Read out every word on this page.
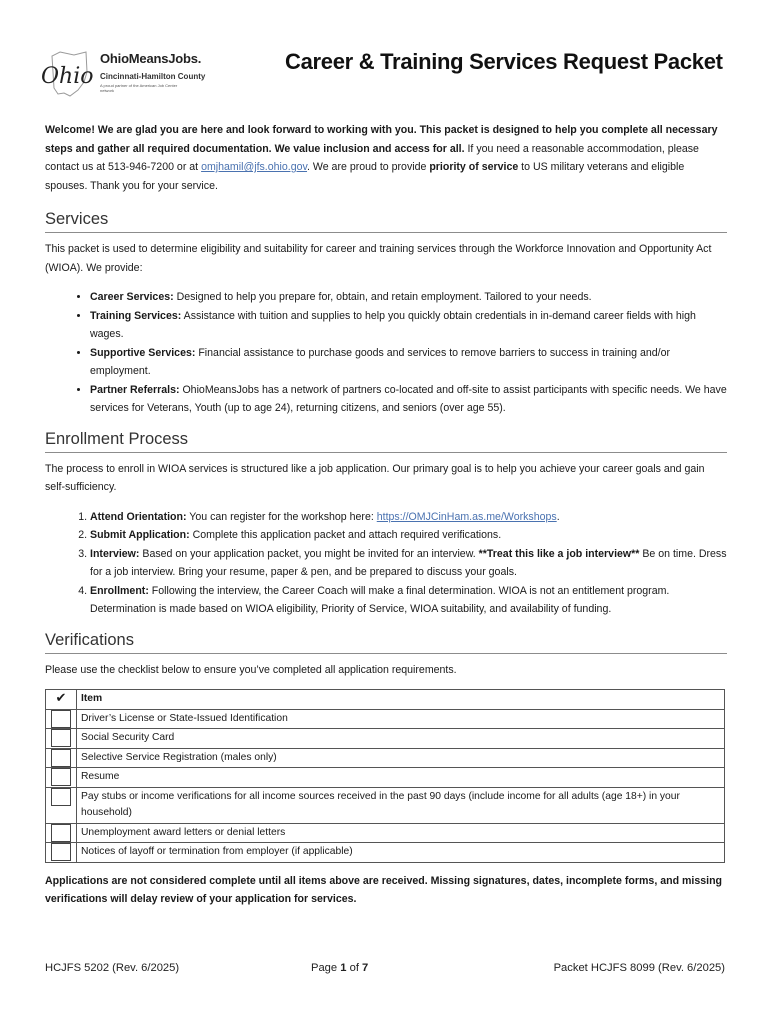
Ohio
OhioMeansJobs.
Cincinnati-Hamilton County
A proud partner of the American Job Center network
Career & Training Services Request Packet

Welcome! We are glad you are here and look forward to working with you. This packet is designed to help you complete all necessary steps and gather all required documentation. We value inclusion and access for all. If you need a reasonable accommodation, please contact us at 513-946-7200 or at omjhamil@jfs.ohio.gov. We are proud to provide priority of service to US military veterans and eligible spouses. Thank you for your service.

Services

This packet is used to determine eligibility and suitability for career and training services through the Workforce Innovation and Opportunity Act (WIOA). We provide:

• Career Services: Designed to help you prepare for, obtain, and retain employment. Tailored to your needs.
• Training Services: Assistance with tuition and supplies to help you quickly obtain credentials in in-demand career fields with high wages.
• Supportive Services: Financial assistance to purchase goods and services to remove barriers to success in training and/or employment.
• Partner Referrals: OhioMeansJobs has a network of partners co-located and off-site to assist participants with specific needs. We have services for Veterans, Youth (up to age 24), returning citizens, and seniors (over age 55).
Enrollment Process

The process to enroll in WIOA services is structured like a job application. Our primary goal is to help you achieve your career goals and gain self-sufficiency.

1. Attend Orientation: You can register for the workshop here: https://OMJCinHam.as.me/Workshops.
2. Submit Application: Complete this application packet and attach required verifications.
3. Interview: Based on your application packet, you might be invited for an interview. **Treat this like a job interview** Be on time. Dress for a job interview. Bring your resume, paper & pen, and be prepared to discuss your goals.
4. Enrollment: Following the interview, the Career Coach will make a final determination. WIOA is not an entitlement program. Determination is made based on WIOA eligibility, Priority of Service, WIOA suitability, and availability of funding.
Verifications

Please use the checklist below to ensure you’ve completed all application requirements.

✔	Item

	Driver’s License or State-Issued Identification

	Social Security Card

	Selective Service Registration (males only)

	Resume

	Pay stubs or income verifications for all income sources received in the past 90 days (include income for all adults (age 18+) in your household)

	Unemployment award letters or denial letters

	Notices of layoff or termination from employer (if applicable)

Applications are not considered complete until all items above are received. Missing signatures, dates, incomplete forms, and missing verifications will delay review of your application for services.

HCJFS 5202 (Rev. 6/2025)	Page 1 of 7	Packet HCJFS 8099 (Rev. 6/2025)
